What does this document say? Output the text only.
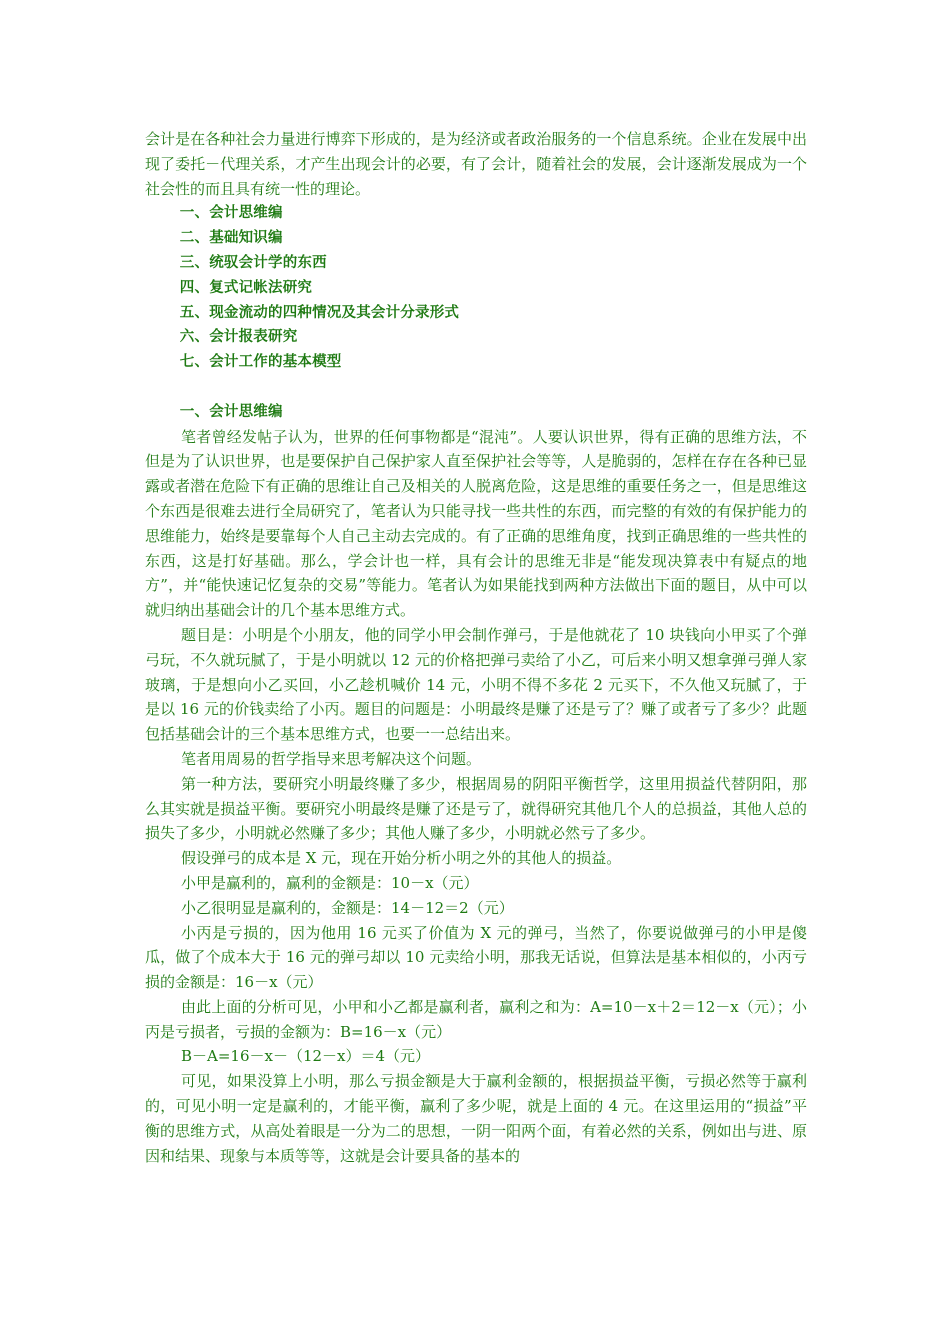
会计是在各种社会力量进行博弈下形成的，是为经济或者政治服务的一个信息系统。企业在发展中出现了委托－代理关系，才产生出现会计的必要，有了会计，随着社会的发展，会计逐渐发展成为一个社会性的而且具有统一性的理论。

一、会计思维编

二、基础知识编

三、统驭会计学的东西

四、复式记帐法研究

五、现金流动的四种情况及其会计分录形式

六、会计报表研究

七、会计工作的基本模型

一、会计思维编

笔者曾经发帖子认为，世界的任何事物都是“混沌”。人要认识世界，得有正确的思维方法，不但是为了认识世界，也是要保护自己保护家人直至保护社会等等，人是脆弱的，怎样在存在各种已显露或者潜在危险下有正确的思维让自己及相关的人脱离危险，这是思维的重要任务之一，但是思维这个东西是很难去进行全局研究了，笔者认为只能寻找一些共性的东西，而完整的有效的有保护能力的思维能力，始终是要靠每个人自己主动去完成的。有了正确的思维角度，找到正确思维的一些共性的东西，这是打好基础。那么，学会计也一样，具有会计的思维无非是“能发现决算表中有疑点的地方”，并“能快速记忆复杂的交易”等能力。笔者认为如果能找到两种方法做出下面的题目，从中可以就归纳出基础会计的几个基本思维方式。

题目是：小明是个小朋友，他的同学小甲会制作弹弓，于是他就花了 10 块钱向小甲买了个弹弓玩，不久就玩腻了，于是小明就以 12 元的价格把弹弓卖给了小乙，可后来小明又想拿弹弓弹人家玻璃，于是想向小乙买回，小乙趁机喊价 14 元，小明不得不多花 2 元买下，不久他又玩腻了，于是以 16 元的价钱卖给了小丙。题目的问题是：小明最终是赚了还是亏了？赚了或者亏了多少？此题包括基础会计的三个基本思维方式，也要一一总结出来。

笔者用周易的哲学指导来思考解决这个问题。

第一种方法，要研究小明最终赚了多少，根据周易的阴阳平衡哲学，这里用损益代替阴阳，那么其实就是损益平衡。要研究小明最终是赚了还是亏了，就得研究其他几个人的总损益，其他人总的损失了多少，小明就必然赚了多少；其他人赚了多少，小明就必然亏了多少。

假设弹弓的成本是 X 元，现在开始分析小明之外的其他人的损益。

小甲是赢利的，赢利的金额是：10－x（元）

小乙很明显是赢利的，金额是：14－12＝2（元）

小丙是亏损的，因为他用 16 元买了价值为 X 元的弹弓，当然了，你要说做弹弓的小甲是傻瓜，做了个成本大于 16 元的弹弓却以 10 元卖给小明，那我无话说，但算法是基本相似的，小丙亏损的金额是：16－x（元）

由此上面的分析可见，小甲和小乙都是赢利者，赢利之和为：A=10－x＋2＝12－x（元）；小丙是亏损者，亏损的金额为：B=16－x（元）

B－A=16－x－（12－x）＝4（元）

可见，如果没算上小明，那么亏损金额是大于赢利金额的，根据损益平衡，亏损必然等于赢利的，可见小明一定是赢利的，才能平衡，赢利了多少呢，就是上面的 4 元。在这里运用的“损益”平衡的思维方式，从高处着眼是一分为二的思想，一阴一阳两个面，有着必然的关系，例如出与进、原因和结果、现象与本质等等，这就是会计要具备的基本的
